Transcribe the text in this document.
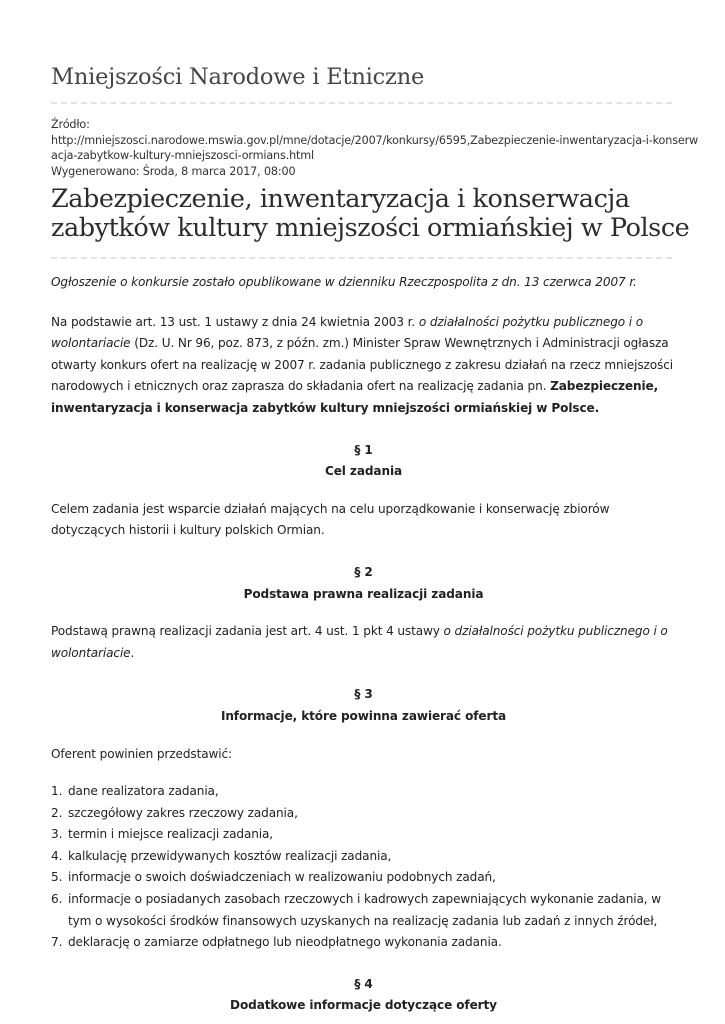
Mniejszości Narodowe i Etniczne
Źródło:
http://mniejszosci.narodowe.mswia.gov.pl/mne/dotacje/2007/konkursy/6595,Zabezpieczenie-inwentaryzacja-i-konserw
acja-zabytkow-kultury-mniejszosci-ormians.html
Wygenerowano: Środa, 8 marca 2017, 08:00
Zabezpieczenie, inwentaryzacja i konserwacja
zabytków kultury mniejszości ormiańskiej w Polsce

Ogłoszenie o konkursie zostało opublikowane w dzienniku Rzeczpospolita z dn. 13 czerwca 2007 r.

Na podstawie art. 13 ust. 1 ustawy z dnia 24 kwietnia 2003 r. o działalności pożytku publicznego i o wolontariacie (Dz. U. Nr 96, poz. 873, z późn. zm.) Minister Spraw Wewnętrznych i Administracji ogłasza otwarty konkurs ofert na realizację w 2007 r. zadania publicznego z zakresu działań na rzecz mniejszości narodowych i etnicznych oraz zaprasza do składania ofert na realizację zadania pn. Zabezpieczenie, inwentaryzacja i konserwacja zabytków kultury mniejszości ormiańskiej w Polsce.

§ 1
Cel zadania

Celem zadania jest wsparcie działań mających na celu uporządkowanie i konserwację zbiorów dotyczących historii i kultury polskich Ormian.

§ 2
Podstawa prawna realizacji zadania

Podstawą prawną realizacji zadania jest art. 4 ust. 1 pkt 4 ustawy o działalności pożytku publicznego i o wolontariacie.

§ 3
Informacje, które powinna zawierać oferta

Oferent powinien przedstawić:

1. dane realizatora zadania,
2. szczegółowy zakres rzeczowy zadania,
3. termin i miejsce realizacji zadania,
4. kalkulację przewidywanych kosztów realizacji zadania,
5. informacje o swoich doświadczeniach w realizowaniu podobnych zadań,
6. informacje o posiadanych zasobach rzeczowych i kadrowych zapewniających wykonanie zadania, w tym o wysokości środków finansowych uzyskanych na realizację zadania lub zadań z innych źródeł,
7. deklarację o zamiarze odpłatnego lub nieodpłatnego wykonania zadania.

§ 4
Dodatkowe informacje dotyczące oferty
